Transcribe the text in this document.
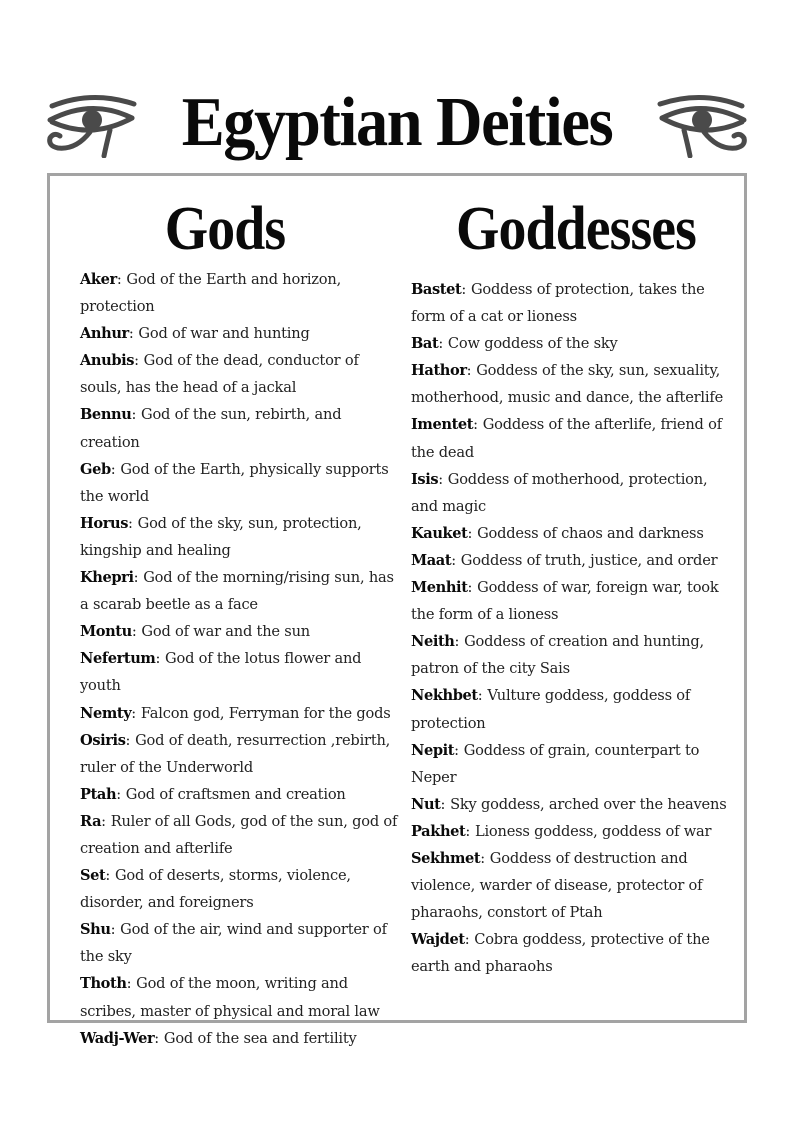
Egyptian Deities
Gods
Aker: God of the Earth and horizon, protection
Anhur: God of war and hunting
Anubis: God of the dead, conductor of souls, has the head of a jackal
Bennu: God of the sun, rebirth, and creation
Geb: God of the Earth, physically supports the world
Horus: God of the sky, sun, protection, kingship and healing
Khepri: God of the morning/rising sun, has a scarab beetle as a face
Montu: God of war and the sun
Nefertum: God of the lotus flower and youth
Nemty: Falcon god, Ferryman for the gods
Osiris: God of death, resurrection ,rebirth, ruler of the Underworld
Ptah: God of craftsmen and creation
Ra: Ruler of all Gods, god of the sun, god of creation and afterlife
Set: God of deserts, storms, violence, disorder, and foreigners
Shu: God of the air, wind and supporter of the sky
Thoth: God of the moon, writing and scribes, master of physical and moral law
Wadj-Wer: God of the sea and fertility
Goddesses
Bastet: Goddess of protection, takes the form of a cat or lioness
Bat: Cow goddess of the sky
Hathor: Goddess of the sky, sun, sexuality, motherhood, music and dance, the afterlife
Imentet: Goddess of the afterlife, friend of the dead
Isis: Goddess of motherhood, protection, and magic
Kauket: Goddess of chaos and darkness
Maat: Goddess of truth, justice, and order
Menhit: Goddess of war, foreign war, took the form of a lioness
Neith: Goddess of creation and hunting, patron of the city Sais
Nekhbet: Vulture goddess, goddess of protection
Nepit: Goddess of grain, counterpart to Neper
Nut: Sky goddess, arched over the heavens
Pakhet: Lioness goddess, goddess of war
Sekhmet: Goddess of destruction and violence, warder of disease, protector of pharaohs, constort of Ptah
Wajdet: Cobra goddess, protective of the earth and pharaohs
